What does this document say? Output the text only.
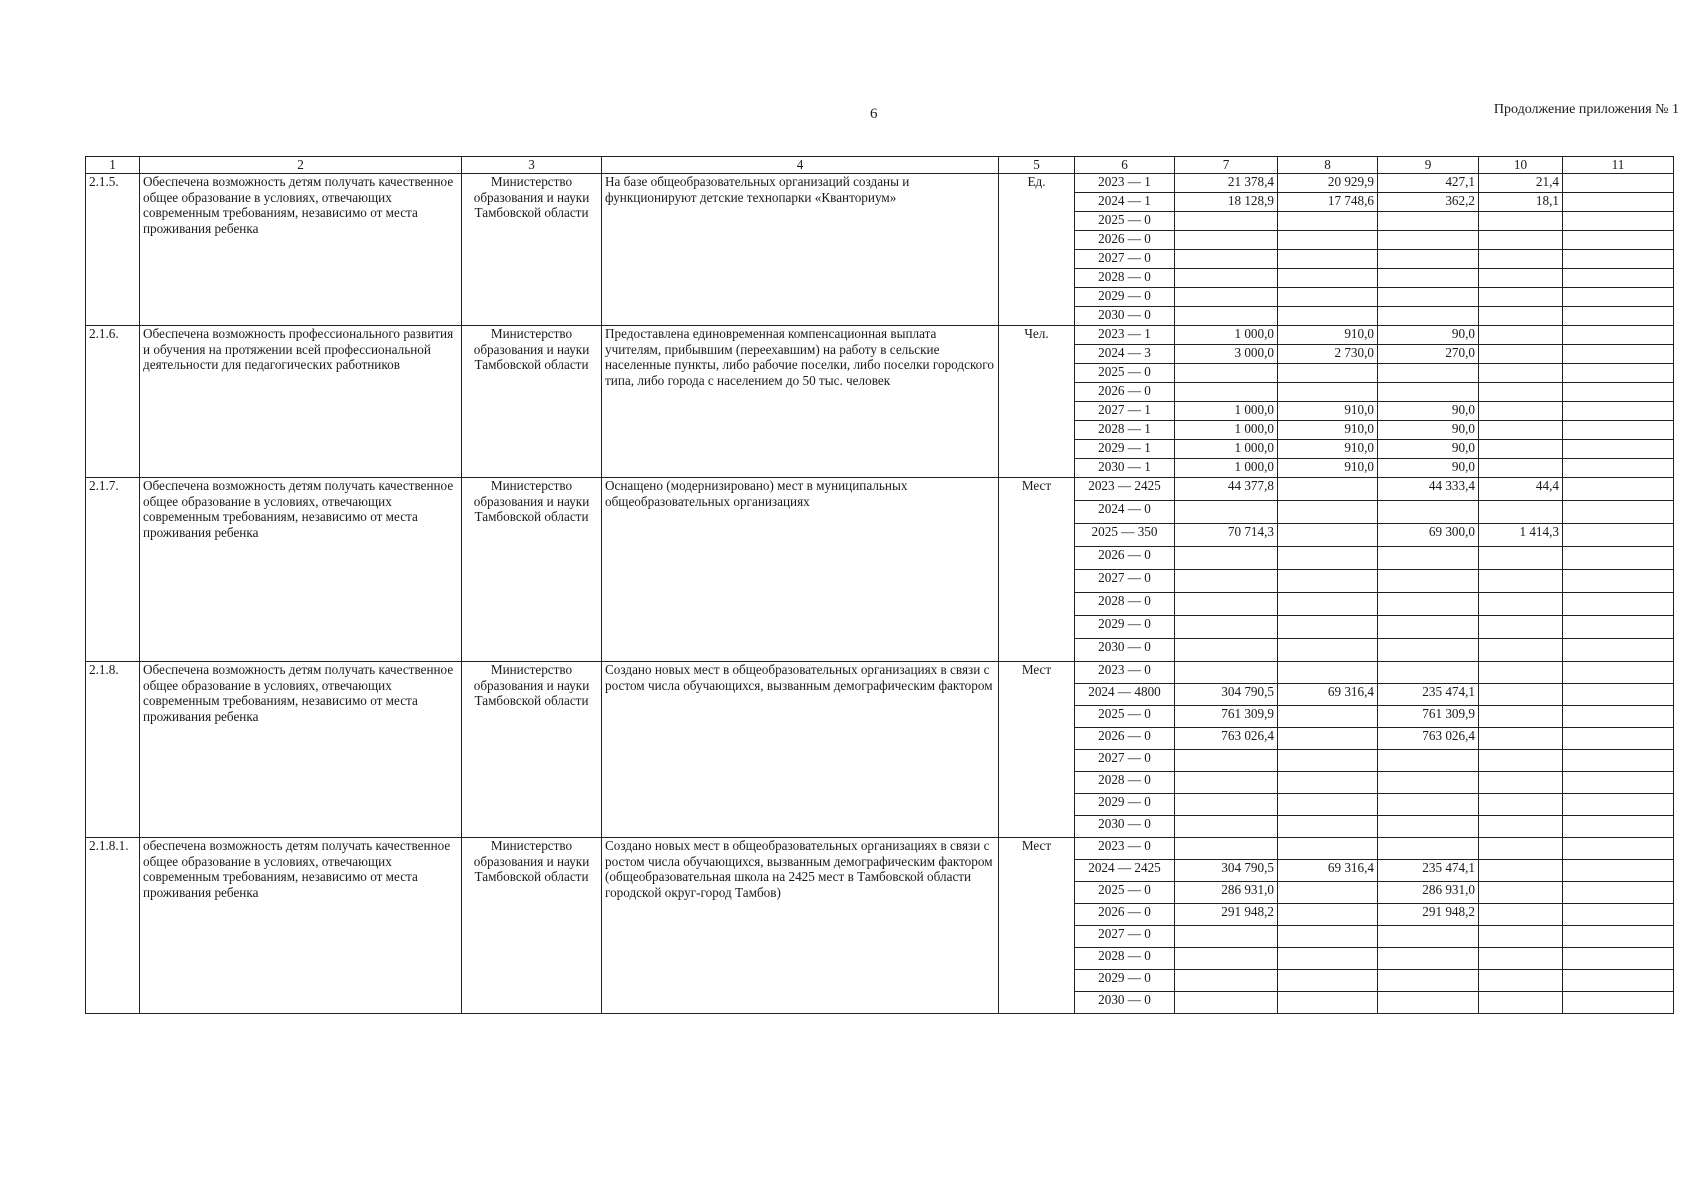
6	Продолжение приложения № 1
1	2	3	4	5	6	7	8	9	10	11
2.1.5.	Обеспечена возможность детям получать качественное общее образование в условиях, отвечающих современным требованиям, независимо от места проживания ребенка	Министерство образования и науки Тамбовской области	На базе общеобразовательных организаций созданы и функционируют детские технопарки «Кванториум»	Ед.	2023 — 1	21 378,4	20 929,9	427,1	21,4	
					2024 — 1	18 128,9	17 748,6	362,2	18,1	
					2025 — 0					
					2026 — 0					
					2027 — 0					
					2028 — 0					
					2029 — 0					
					2030 — 0					
2.1.6.	Обеспечена возможность профессионального развития и обучения на протяжении всей профессиональной деятельности для педагогических работников	Министерство образования и науки Тамбовской области	Предоставлена единовременная компенсационная выплата учителям, прибывшим (переехавшим) на работу в сельские населенные пункты, либо рабочие поселки, либо поселки городского типа, либо города с населением до 50 тыс. человек	Чел.	2023 — 1	1 000,0	910,0	90,0		
					2024 — 3	3 000,0	2 730,0	270,0		
					2025 — 0					
					2026 — 0					
					2027 — 1	1 000,0	910,0	90,0		
					2028 — 1	1 000,0	910,0	90,0		
					2029 — 1	1 000,0	910,0	90,0		
					2030 — 1	1 000,0	910,0	90,0		
2.1.7.	Обеспечена возможность детям получать качественное общее образование в условиях, отвечающих современным требованиям, независимо от места проживания ребенка	Министерство образования и науки Тамбовской области	Оснащено (модернизировано) мест в муниципальных общеобразовательных организациях	Мест	2023 — 2425	44 377,8		44 333,4	44,4	
					2024 — 0					
					2025 — 350	70 714,3		69 300,0	1 414,3	
					2026 — 0					
					2027 — 0					
					2028 — 0					
					2029 — 0					
					2030 — 0					
2.1.8.	Обеспечена возможность детям получать качественное общее образование в условиях, отвечающих современным требованиям, независимо от места проживания ребенка	Министерство образования и науки Тамбовской области	Создано новых мест в общеобразовательных организациях в связи с ростом числа обучающихся, вызванным демографическим фактором	Мест	2023 — 0					
					2024 — 4800	304 790,5	69 316,4	235 474,1		
					2025 — 0	761 309,9		761 309,9		
					2026 — 0	763 026,4		763 026,4		
					2027 — 0					
					2028 — 0					
					2029 — 0					
					2030 — 0					
2.1.8.1.	обеспечена возможность детям получать качественное общее образование в условиях, отвечающих современным требованиям, независимо от места проживания ребенка	Министерство образования и науки Тамбовской области	Создано новых мест в общеобразовательных организациях в связи с ростом числа обучающихся, вызванным демографическим фактором (общеобразовательная школа на 2425 мест в Тамбовской области городской округ-город Тамбов)	Мест	2023 — 0					
					2024 — 2425	304 790,5	69 316,4	235 474,1		
					2025 — 0	286 931,0		286 931,0		
					2026 — 0	291 948,2		291 948,2		
					2027 — 0					
					2028 — 0					
					2029 — 0					
					2030 — 0					
